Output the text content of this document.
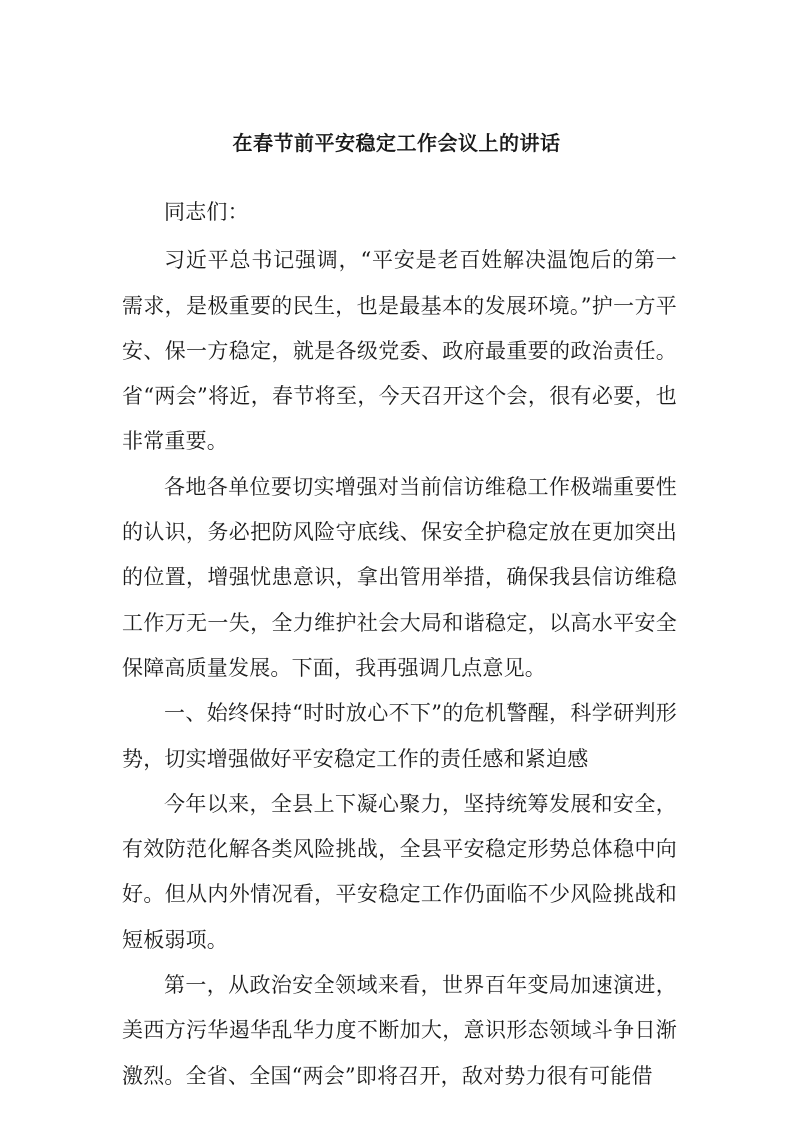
在春节前平安稳定工作会议上的讲话

同志们：

习近平总书记强调，“平安是老百姓解决温饱后的第一需求，是极重要的民生，也是最基本的发展环境。”护一方平安、保一方稳定，就是各级党委、政府最重要的政治责任。省“两会”将近，春节将至，今天召开这个会，很有必要，也非常重要。

各地各单位要切实增强对当前信访维稳工作极端重要性的认识，务必把防风险守底线、保安全护稳定放在更加突出的位置，增强忧患意识，拿出管用举措，确保我县信访维稳工作万无一失，全力维护社会大局和谐稳定，以高水平安全保障高质量发展。下面，我再强调几点意见。

一、始终保持“时时放心不下”的危机警醒，科学研判形势，切实增强做好平安稳定工作的责任感和紧迫感

今年以来，全县上下凝心聚力，坚持统筹发展和安全，有效防范化解各类风险挑战，全县平安稳定形势总体稳中向好。但从内外情况看，平安稳定工作仍面临不少风险挑战和短板弱项。

第一，从政治安全领域来看，世界百年变局加速演进，美西方污华遏华乱华力度不断加大，意识形态领域斗争日渐激烈。全省、全国“两会”即将召开，敌对势力很有可能借
